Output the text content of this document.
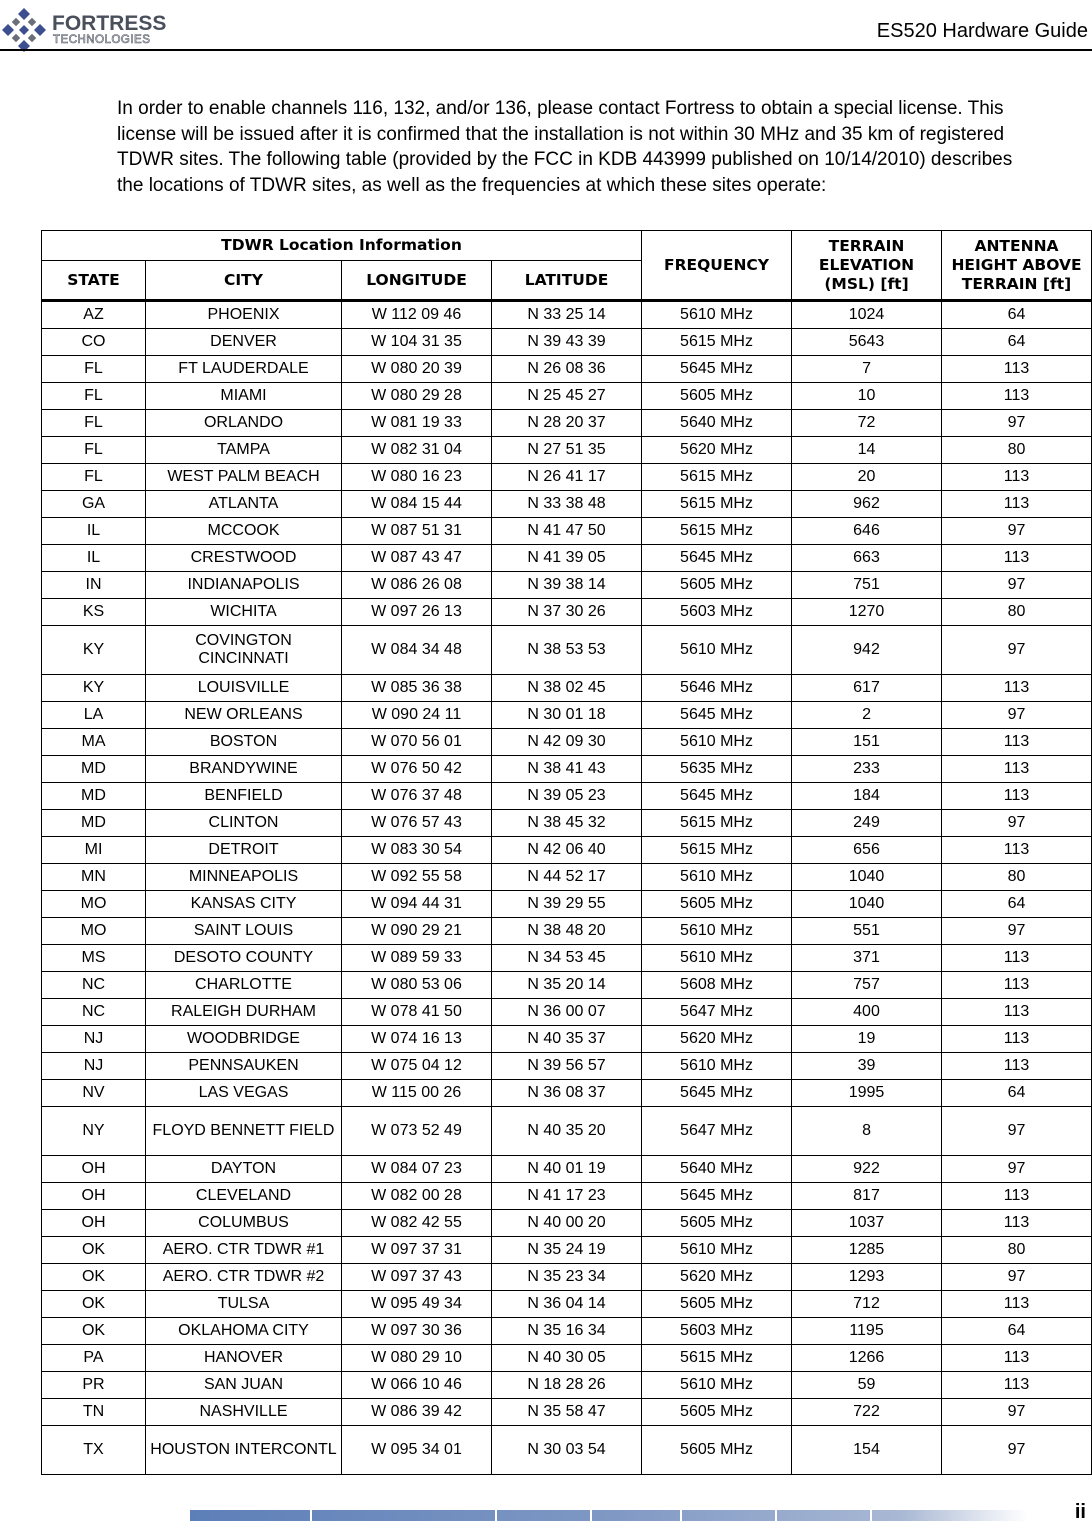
FORTRESS
TECHNOLOGIES	ES520 Hardware Guide

In order to enable channels 116, 132, and/or 136, please contact Fortress to obtain a special license. This license will be issued after it is confirmed that the installation is not within 30 MHz and 35 km of registered TDWR sites. The following table (provided by the FCC in KDB 443999 published on 10/14/2010) describes the locations of TDWR sites, as well as the frequencies at which these sites operate:

TDWR Location Information				FREQUENCY	TERRAIN ELEVATION (MSL) [ft]	ANTENNA HEIGHT ABOVE TERRAIN [ft]
STATE	CITY	LONGITUDE	LATITUDE			
AZ	PHOENIX	W 112 09 46	N 33 25 14	5610 MHz	1024	64
CO	DENVER	W 104 31 35	N 39 43 39	5615 MHz	5643	64
FL	FT LAUDERDALE	W 080 20 39	N 26 08 36	5645 MHz	7	113
FL	MIAMI	W 080 29 28	N 25 45 27	5605 MHz	10	113
FL	ORLANDO	W 081 19 33	N 28 20 37	5640 MHz	72	97
FL	TAMPA	W 082 31 04	N 27 51 35	5620 MHz	14	80
FL	WEST PALM BEACH	W 080 16 23	N 26 41 17	5615 MHz	20	113
GA	ATLANTA	W 084 15 44	N 33 38 48	5615 MHz	962	113
IL	MCCOOK	W 087 51 31	N 41 47 50	5615 MHz	646	97
IL	CRESTWOOD	W 087 43 47	N 41 39 05	5645 MHz	663	113
IN	INDIANAPOLIS	W 086 26 08	N 39 38 14	5605 MHz	751	97
KS	WICHITA	W 097 26 13	N 37 30 26	5603 MHz	1270	80
KY	COVINGTON CINCINNATI	W 084 34 48	N 38 53 53	5610 MHz	942	97
KY	LOUISVILLE	W 085 36 38	N 38 02 45	5646 MHz	617	113
LA	NEW ORLEANS	W 090 24 11	N 30 01 18	5645 MHz	2	97
MA	BOSTON	W 070 56 01	N 42 09 30	5610 MHz	151	113
MD	BRANDYWINE	W 076 50 42	N 38 41 43	5635 MHz	233	113
MD	BENFIELD	W 076 37 48	N 39 05 23	5645 MHz	184	113
MD	CLINTON	W 076 57 43	N 38 45 32	5615 MHz	249	97
MI	DETROIT	W 083 30 54	N 42 06 40	5615 MHz	656	113
MN	MINNEAPOLIS	W 092 55 58	N 44 52 17	5610 MHz	1040	80
MO	KANSAS CITY	W 094 44 31	N 39 29 55	5605 MHz	1040	64
MO	SAINT LOUIS	W 090 29 21	N 38 48 20	5610 MHz	551	97
MS	DESOTO COUNTY	W 089 59 33	N 34 53 45	5610 MHz	371	113
NC	CHARLOTTE	W 080 53 06	N 35 20 14	5608 MHz	757	113
NC	RALEIGH DURHAM	W 078 41 50	N 36 00 07	5647 MHz	400	113
NJ	WOODBRIDGE	W 074 16 13	N 40 35 37	5620 MHz	19	113
NJ	PENNSAUKEN	W 075 04 12	N 39 56 57	5610 MHz	39	113
NV	LAS VEGAS	W 115 00 26	N 36 08 37	5645 MHz	1995	64
NY	FLOYD BENNETT FIELD	W 073 52 49	N 40 35 20	5647 MHz	8	97
OH	DAYTON	W 084 07 23	N 40 01 19	5640 MHz	922	97
OH	CLEVELAND	W 082 00 28	N 41 17 23	5645 MHz	817	113
OH	COLUMBUS	W 082 42 55	N 40 00 20	5605 MHz	1037	113
OK	AERO. CTR TDWR #1	W 097 37 31	N 35 24 19	5610 MHz	1285	80
OK	AERO. CTR TDWR #2	W 097 37 43	N 35 23 34	5620 MHz	1293	97
OK	TULSA	W 095 49 34	N 36 04 14	5605 MHz	712	113
OK	OKLAHOMA CITY	W 097 30 36	N 35 16 34	5603 MHz	1195	64
PA	HANOVER	W 080 29 10	N 40 30 05	5615 MHz	1266	113
PR	SAN JUAN	W 066 10 46	N 18 28 26	5610 MHz	59	113
TN	NASHVILLE	W 086 39 42	N 35 58 47	5605 MHz	722	97
TX	HOUSTON INTERCONTL	W 095 34 01	N 30 03 54	5605 MHz	154	97
ii
